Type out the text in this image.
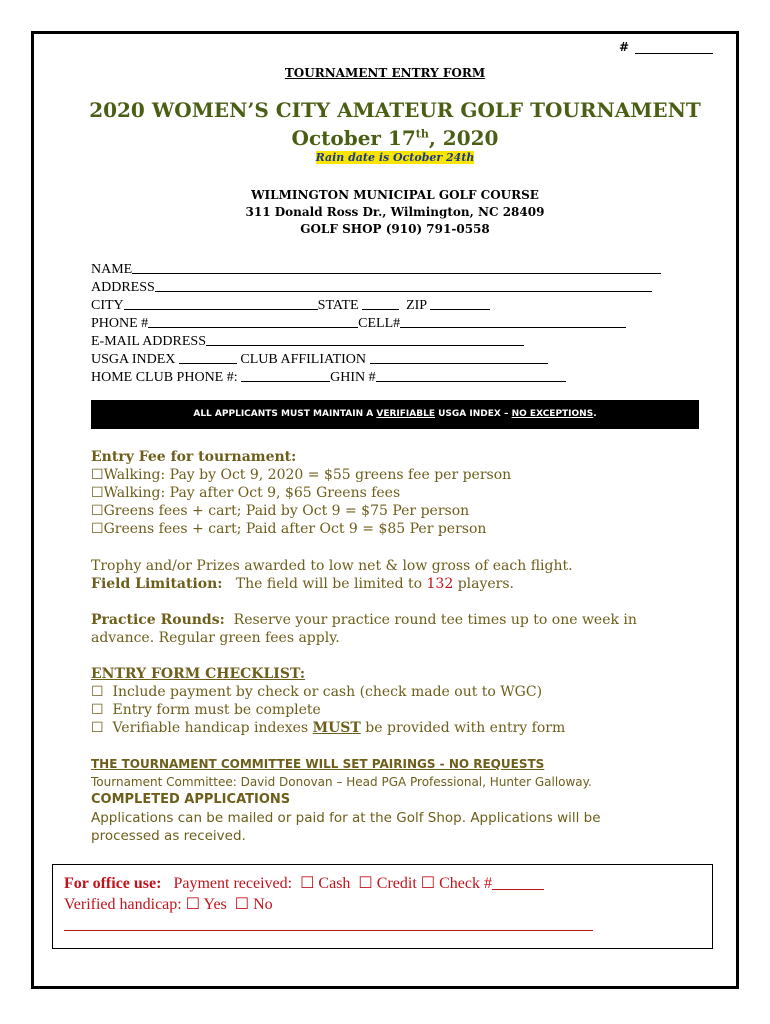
#
TOURNAMENT ENTRY FORM
2020 WOMEN’S CITY AMATEUR GOLF TOURNAMENT
October 17th, 2020
Rain date is October 24th
WILMINGTON MUNICIPAL GOLF COURSE
311 Donald Ross Dr., Wilmington, NC 28409
GOLF SHOP (910) 791-0558
NAME
ADDRESS
CITY	STATE	ZIP
PHONE #	CELL#
E-MAIL ADDRESS
USGA INDEX	CLUB AFFILIATION
HOME CLUB PHONE #:	GHIN #
ALL APPLICANTS MUST MAINTAIN A VERIFIABLE USGA INDEX – NO EXCEPTIONS.
Entry Fee for tournament:
☐Walking: Pay by Oct 9, 2020 = $55 greens fee per person
☐Walking: Pay after Oct 9, $65 Greens fees
☐Greens fees + cart; Paid by Oct 9 = $75 Per person
☐Greens fees + cart; Paid after Oct 9 = $85 Per person
Trophy and/or Prizes awarded to low net & low gross of each flight.
Field Limitation:   The field will be limited to 132 players.
Practice Rounds:  Reserve your practice round tee times up to one week in
advance. Regular green fees apply.
ENTRY FORM CHECKLIST:
☐ Include payment by check or cash (check made out to WGC)
☐ Entry form must be complete
☐ Verifiable handicap indexes MUST be provided with entry form
THE TOURNAMENT COMMITTEE WILL SET PAIRINGS - NO REQUESTS
Tournament Committee: David Donovan – Head PGA Professional, Hunter Galloway.
COMPLETED APPLICATIONS
Applications can be mailed or paid for at the Golf Shop. Applications will be
processed as received.
For office use: Payment received: ☐ Cash ☐ Credit ☐ Check #
Verified handicap: ☐ Yes ☐ No
